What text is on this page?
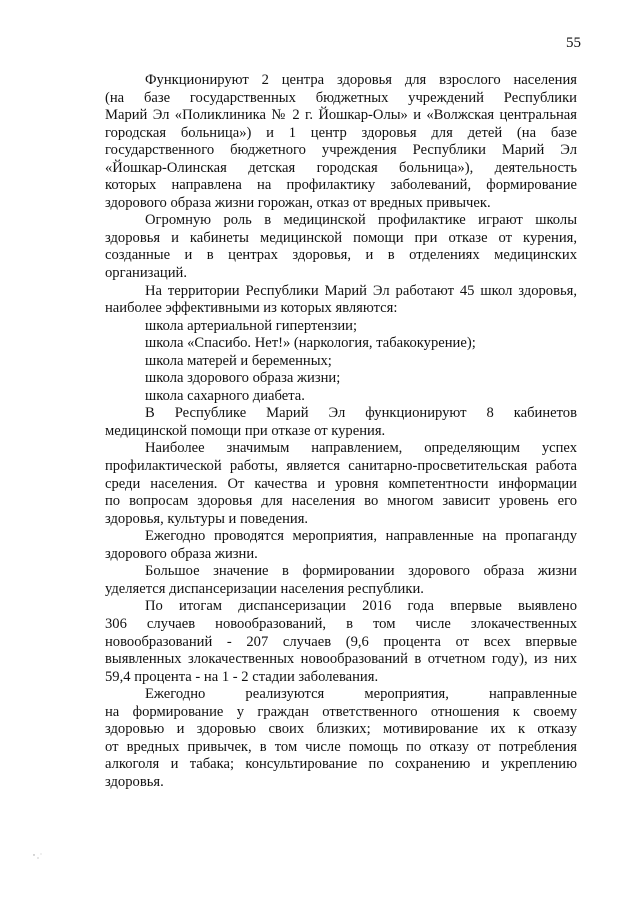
55
Функционируют 2 центра здоровья для взрослого населения
(на базе государственных бюджетных учреждений Республики
Марий Эл «Поликлиника № 2 г. Йошкар-Олы» и «Волжская центральная
городская больница») и 1 центр здоровья для детей (на базе
государственного бюджетного учреждения Республики Марий Эл
«Йошкар-Олинская детская городская больница»), деятельность
которых направлена на профилактику заболеваний, формирование
здорового образа жизни горожан, отказ от вредных привычек.
Огромную роль в медицинской профилактике играют школы
здоровья и кабинеты медицинской помощи при отказе от курения,
созданные и в центрах здоровья, и в отделениях медицинских
организаций.
На территории Республики Марий Эл работают 45 школ здоровья,
наиболее эффективными из которых являются:
школа артериальной гипертензии;
школа «Спасибо. Нет!» (наркология, табакокурение);
школа матерей и беременных;
школа здорового образа жизни;
школа сахарного диабета.
В Республике Марий Эл функционируют 8 кабинетов
медицинской помощи при отказе от курения.
Наиболее значимым направлением, определяющим успех
профилактической работы, является санитарно-просветительская работа
среди населения. От качества и уровня компетентности информации
по вопросам здоровья для населения во многом зависит уровень его
здоровья, культуры и поведения.
Ежегодно проводятся мероприятия, направленные на пропаганду
здорового образа жизни.
Большое значение в формировании здорового образа жизни
уделяется диспансеризации населения республики.
По итогам диспансеризации 2016 года впервые выявлено
306 случаев новообразований, в том числе злокачественных
новообразований - 207 случаев (9,6 процента от всех впервые
выявленных злокачественных новообразований в отчетном году), из них
59,4 процента - на 1 - 2 стадии заболевания.
Ежегодно реализуются мероприятия, направленные
на формирование у граждан ответственного отношения к своему
здоровью и здоровью своих близких; мотивирование их к отказу
от вредных привычек, в том числе помощь по отказу от потребления
алкоголя и табака; консультирование по сохранению и укреплению
здоровья.
